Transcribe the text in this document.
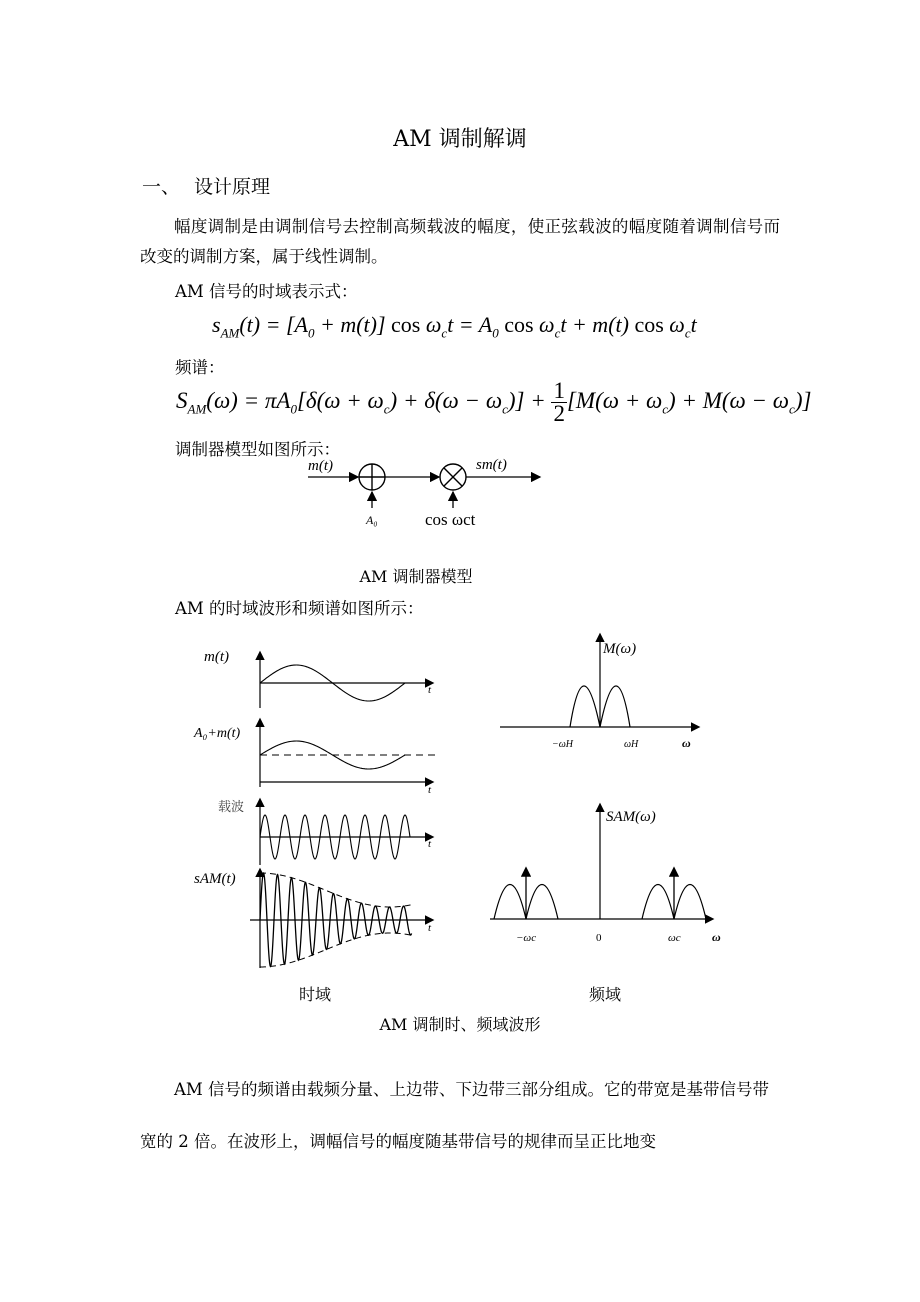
AM 调制解调
一、 设计原理
幅度调制是由调制信号去控制高频载波的幅度，使正弦载波的幅度随着调制信号而改变的调制方案，属于线性调制。
AM 信号的时域表示式：
$s_{AM}(t) = [A_0 + m(t)]$ $\cos \omega_ct = A_0$ $\cos \omega_ct + m(t)$ $\cos \omega_ct$
频谱：
$S_{AM}(\omega) = \pi A_0[\delta(\omega + \omega_c) + \delta(\omega - \omega_c)] + \frac{1}{2} [M(\omega + \omega_c) + M(\omega - \omega_c)]$
调制器模型如图所示：
m(t)
A₀	cos ωct
sm(t)
AM 调制器模型
AM 的时域波形和频谱如图所示：
m(t)
t
A₀+m(t)
t
载波
t
sAM(t)
t
M(ω)
−ωH	ωH	ω
SAM(ω)
−ωc	0	ωc	ω
时域	频域
AM 调制时、频域波形
AM 信号的频谱由载频分量、上边带、下边带三部分组成。它的带宽是基带信号带宽的 2 倍。在波形上，调幅信号的幅度随基带信号的规律而呈正比地变
